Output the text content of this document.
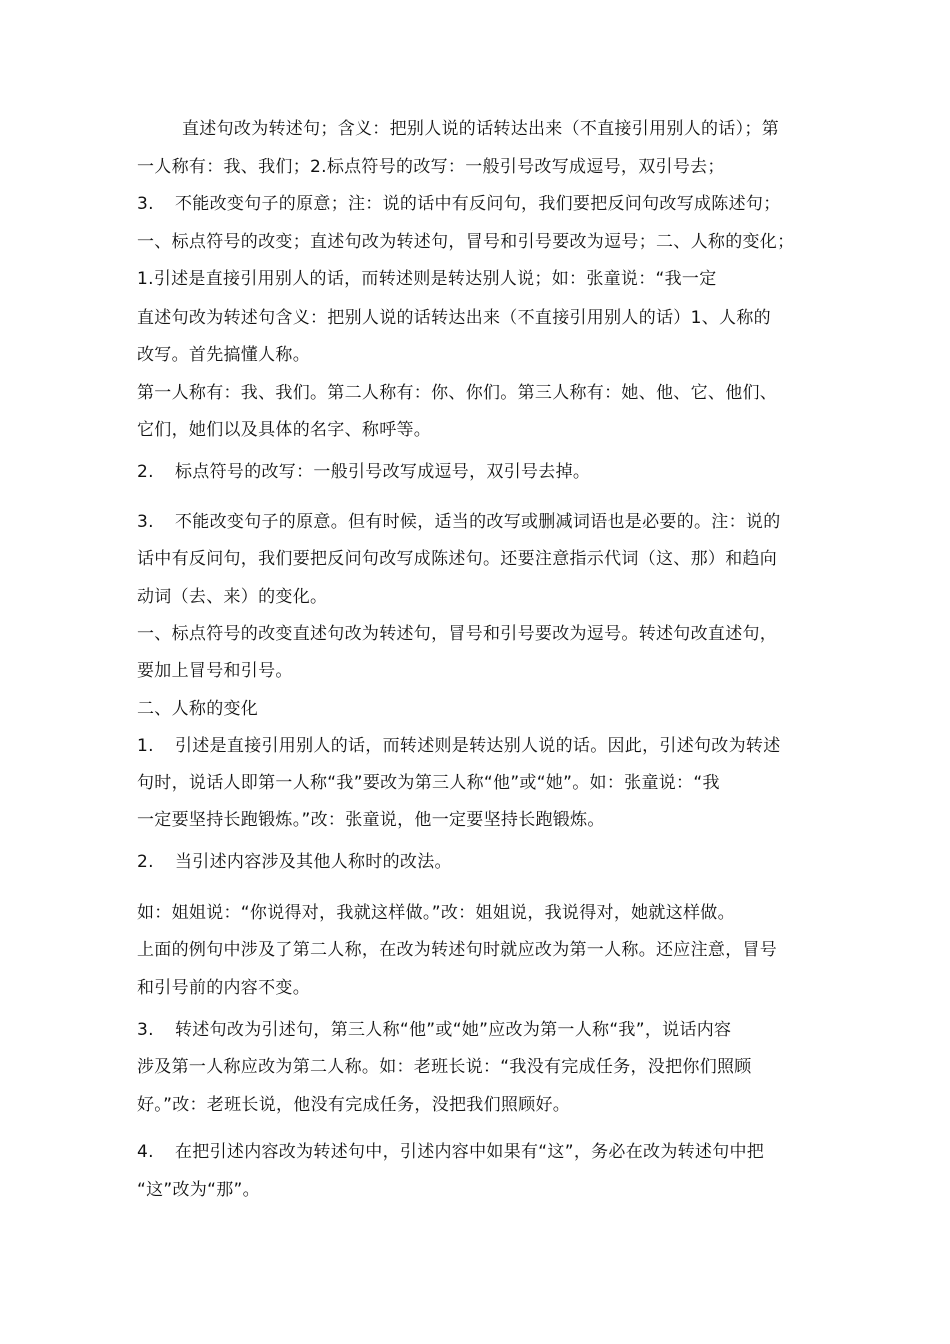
直述句改为转述句；含义：把别人说的话转达出来（不直接引用别人的话）；第
一人称有：我、我们；2.标点符号的改写：一般引号改写成逗号，双引号去；
3. 不能改变句子的原意；注：说的话中有反问句，我们要把反问句改写成陈述句；
一、标点符号的改变；直述句改为转述句，冒号和引号要改为逗号；二、人称的变化；
1.引述是直接引用别人的话，而转述则是转达别人说；如：张童说：“我一定
直述句改为转述句含义：把别人说的话转达出来（不直接引用别人的话）1、人称的
改写。首先搞懂人称。
第一人称有：我、我们。第二人称有：你、你们。第三人称有：她、他、它、他们、
它们，她们以及具体的名字、称呼等。
2. 标点符号的改写：一般引号改写成逗号，双引号去掉。
3. 不能改变句子的原意。但有时候，适当的改写或删减词语也是必要的。注：说的
话中有反问句，我们要把反问句改写成陈述句。还要注意指示代词（这、那）和趋向
动词（去、来）的变化。
一、标点符号的改变直述句改为转述句，冒号和引号要改为逗号。转述句改直述句，
要加上冒号和引号。
二、人称的变化
1. 引述是直接引用别人的话，而转述则是转达别人说的话。因此，引述句改为转述
句时，说话人即第一人称“我”要改为第三人称“他”或“她”。如：张童说：“我
一定要坚持长跑锻炼。”改：张童说，他一定要坚持长跑锻炼。
2. 当引述内容涉及其他人称时的改法。
如：姐姐说：“你说得对，我就这样做。”改：姐姐说，我说得对，她就这样做。
上面的例句中涉及了第二人称，在改为转述句时就应改为第一人称。还应注意，冒号
和引号前的内容不变。
3. 转述句改为引述句，第三人称“他”或“她”应改为第一人称“我”，说话内容
涉及第一人称应改为第二人称。如：老班长说：“我没有完成任务，没把你们照顾
好。”改：老班长说，他没有完成任务，没把我们照顾好。
4. 在把引述内容改为转述句中，引述内容中如果有“这”，务必在改为转述句中把
“这”改为“那”。
